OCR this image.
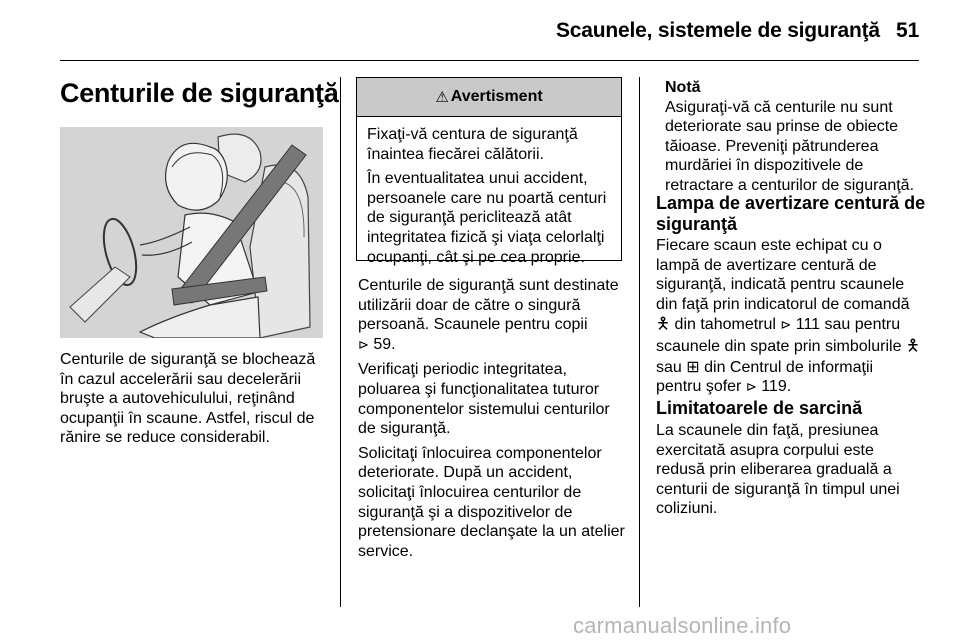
Scaunele, sistemele de siguranţă 51
Centurile de siguranţă

Centurile de siguranţă se blochează în cazul accelerării sau decelerării bruşte a autovehiculului, reţinând ocupanţii în scaune. Astfel, riscul de rănire se reduce considerabil.

⚠ Avertisment

Fixaţi-vă centura de siguranţă înaintea fiecărei călătorii.

În eventualitatea unui accident, persoanele care nu poartă centuri de siguranţă periclitează atât integritatea fizică şi viaţa celorlalţi ocupanţi, cât şi pe cea proprie.

Centurile de siguranţă sunt destinate utilizării doar de către o singură persoană. Scaunele pentru copii
⊳ 59.

Verificaţi periodic integritatea, poluarea şi funcţionalitatea tuturor componentelor sistemului centurilor de siguranţă.

Solicitaţi înlocuirea componentelor deteriorate. După un accident, solicitaţi înlocuirea centurilor de siguranţă şi a dispozitivelor de pretensionare declanşate la un atelier service.

Notă
Asiguraţi-vă că centurile nu sunt deteriorate sau prinse de obiecte tăioase. Preveniţi pătrunderea murdăriei în dispozitivele de retractare a centurilor de siguranţă.
Lampa de avertizare centură de siguranţă

Fiecare scaun este echipat cu o lampă de avertizare centură de siguranţă, indicată pentru scaunele din faţă prin indicatorul de comandă 🯅 din tahometrul ⊳ 111 sau pentru scaunele din spate prin simbolurile 🯅 sau ⊞ din Centrul de informaţii pentru şofer ⊳ 119.

Limitatoarele de sarcină

La scaunele din faţă, presiunea exercitată asupra corpului este redusă prin eliberarea graduală a centurii de siguranţă în timpul unei coliziuni.

carmanualsonline.info
